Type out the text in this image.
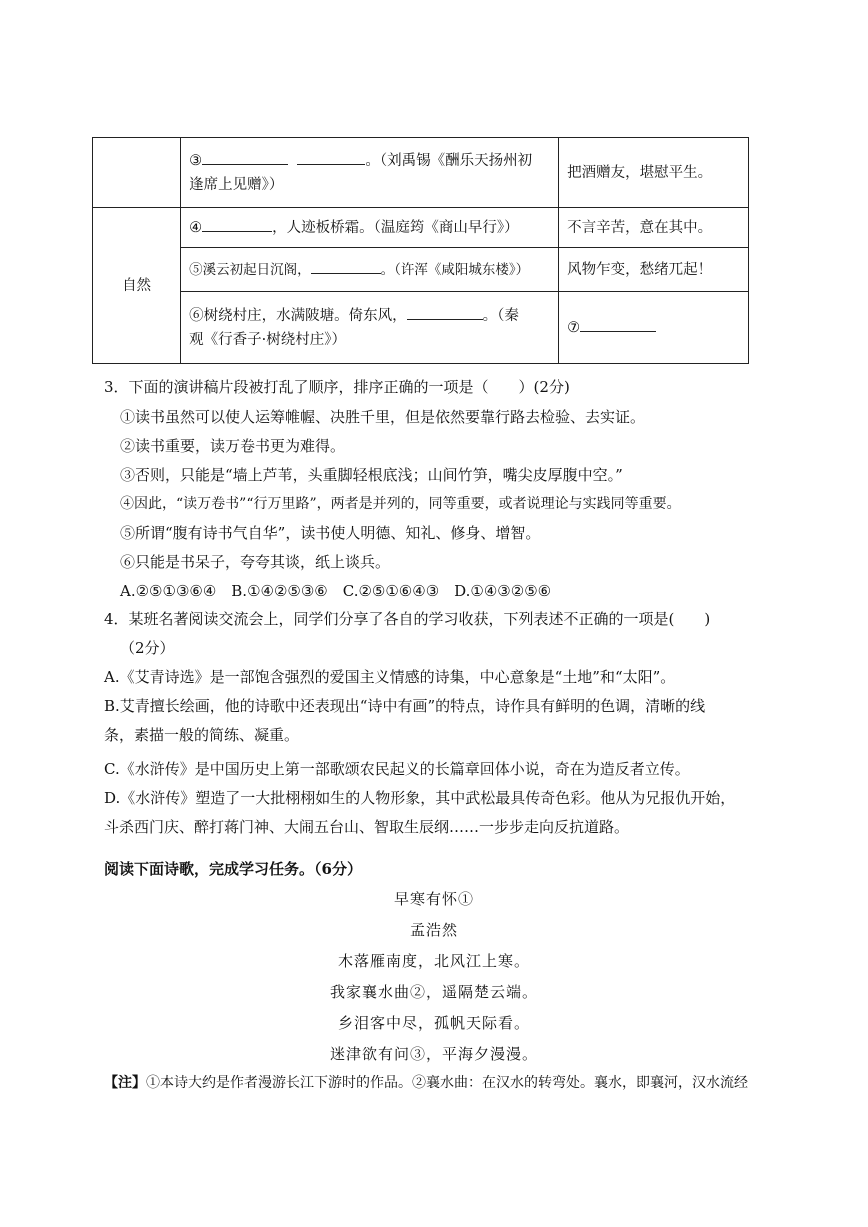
	③ 。（刘禹锡《酬乐天扬州初
逢席上见赠》）	把酒赠友，堪慰平生。
自然	④ ，人迹板桥霜。（温庭筠《商山早行》）	不言辛苦，意在其中。
	⑤溪云初起日沉阁， 。（许浑《咸阳城东楼》）	风物乍变，愁绪兀起！
	⑥树绕村庄，水满陂塘。倚东风， 。（秦
观《行香子·树绕村庄》）	⑦
3．下面的演讲稿片段被打乱了顺序，排序正确的一项是（　　）(2分)
①读书虽然可以使人运筹帷幄、决胜千里，但是依然要靠行路去检验、去实证。
②读书重要，读万卷书更为难得。
③否则，只能是“墙上芦苇，头重脚轻根底浅；山间竹笋，嘴尖皮厚腹中空。”
④因此，“读万卷书”“行万里路”，两者是并列的，同等重要，或者说理论与实践同等重要。
⑤所谓“腹有诗书气自华”，读书使人明德、知礼、修身、增智。
⑥只能是书呆子，夸夸其谈，纸上谈兵。
A.②⑤①③⑥④　B.①④②⑤③⑥　C.②⑤①⑥④③　D.①④③②⑤⑥
4．某班名著阅读交流会上，同学们分享了各自的学习收获，下列表述不正确的一项是(　　)
（2分）
A.《艾青诗选》是一部饱含强烈的爱国主义情感的诗集，中心意象是“土地”和“太阳”。
B.艾青擅长绘画，他的诗歌中还表现出“诗中有画”的特点，诗作具有鲜明的色调，清晰的线
条，素描一般的简练、凝重。
C.《水浒传》是中国历史上第一部歌颂农民起义的长篇章回体小说，奇在为造反者立传。
D.《水浒传》塑造了一大批栩栩如生的人物形象，其中武松最具传奇色彩。他从为兄报仇开始，
斗杀西门庆、醉打蒋门神、大闹五台山、智取生辰纲……一步步走向反抗道路。
阅读下面诗歌，完成学习任务。（6分）
早寒有怀①
孟浩然
木落雁南度，北风江上寒。
我家襄水曲②，遥隔楚云端。
乡泪客中尽，孤帆天际看。
迷津欲有问③，平海夕漫漫。
【注】①本诗大约是作者漫游长江下游时的作品。②襄水曲：在汉水的转弯处。襄水，即襄河，汉水流经
